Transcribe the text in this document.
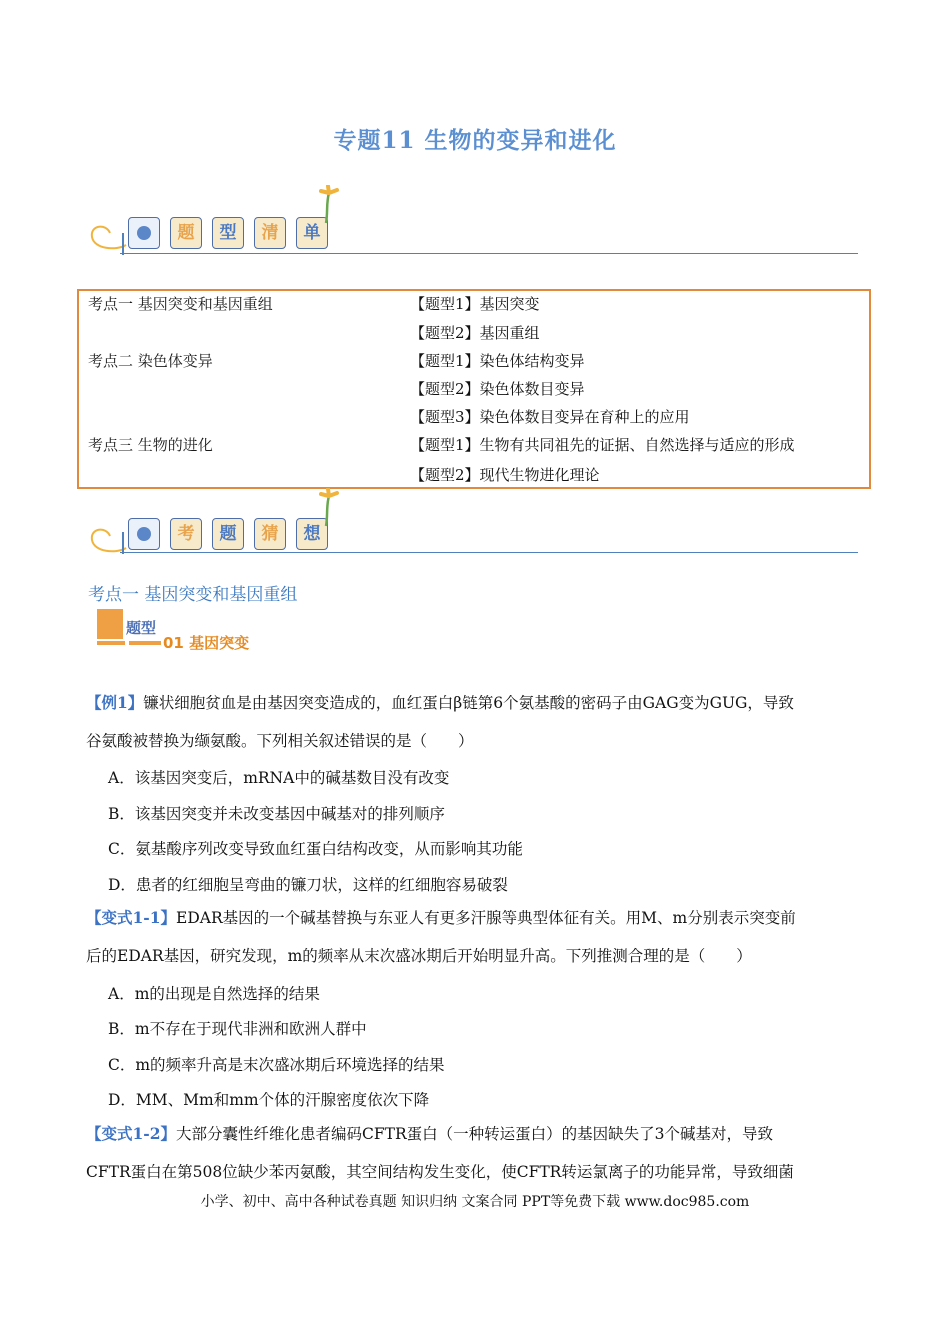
专题11 生物的变异和进化
题	型	清	单
考点一 基因突变和基因重组	【题型1】基因突变
【题型2】基因重组
考点二 染色体变异	【题型1】染色体结构变异
【题型2】染色体数目变异
【题型3】染色体数目变异在育种上的应用
考点三 生物的进化	【题型1】生物有共同祖先的证据、自然选择与适应的形成
【题型2】现代生物进化理论
考	题	猜	想
考点一 基因突变和基因重组
题型
01 基因突变
【例1】镰状细胞贫血是由基因突变造成的，血红蛋白β链第6个氨基酸的密码子由GAG变为GUG，导致
谷氨酸被替换为缬氨酸。下列相关叙述错误的是（　　）
A．该基因突变后，mRNA中的碱基数目没有改变
B．该基因突变并未改变基因中碱基对的排列顺序
C．氨基酸序列改变导致血红蛋白结构改变，从而影响其功能
D．患者的红细胞呈弯曲的镰刀状，这样的红细胞容易破裂
【变式1-1】EDAR基因的一个碱基替换与东亚人有更多汗腺等典型体征有关。用M、m分别表示突变前
后的EDAR基因，研究发现，m的频率从末次盛冰期后开始明显升高。下列推测合理的是（　　）
A．m的出现是自然选择的结果
B．m不存在于现代非洲和欧洲人群中
C．m的频率升高是末次盛冰期后环境选择的结果
D．MM、Mm和mm个体的汗腺密度依次下降
【变式1-2】大部分囊性纤维化患者编码CFTR蛋白（一种转运蛋白）的基因缺失了3个碱基对，导致
CFTR蛋白在第508位缺少苯丙氨酸，其空间结构发生变化，使CFTR转运氯离子的功能异常，导致细菌
小学、初中、高中各种试卷真题 知识归纳 文案合同 PPT等免费下载 www.doc985.com
